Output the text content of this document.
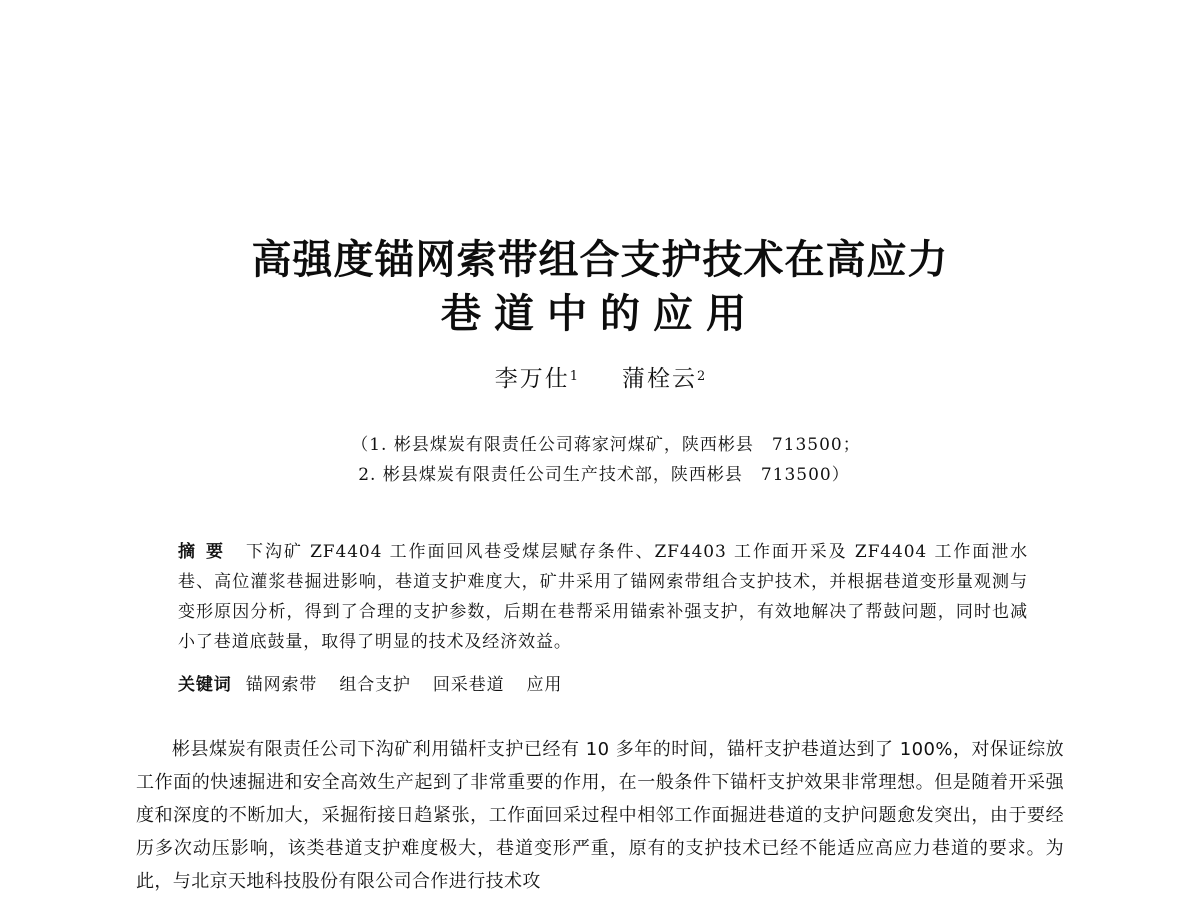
高强度锚网索带组合支护技术在高应力
巷道中的应用
李万仕$^1$ 蒲栓云$^2$
（1. 彬县煤炭有限责任公司蒋家河煤矿，陕西彬县　713500；
2. 彬县煤炭有限责任公司生产技术部，陕西彬县　713500）
摘要 下沟矿 ZF4404 工作面回风巷受煤层赋存条件、ZF4403 工作面开采及 ZF4404 工作面泄水巷、高位灌浆巷掘进影响，巷道支护难度大，矿井采用了锚网索带组合支护技术，并根据巷道变形量观测与变形原因分析，得到了合理的支护参数，后期在巷帮采用锚索补强支护，有效地解决了帮鼓问题，同时也减小了巷道底鼓量，取得了明显的技术及经济效益。
关键词 锚网索带 组合支护 回采巷道 应用
彬县煤炭有限责任公司下沟矿利用锚杆支护已经有 10 多年的时间，锚杆支护巷道达到了 100%，对保证综放工作面的快速掘进和安全高效生产起到了非常重要的作用，在一般条件下锚杆支护效果非常理想。但是随着开采强度和深度的不断加大，采掘衔接日趋紧张，工作面回采过程中相邻工作面掘进巷道的支护问题愈发突出，由于要经历多次动压影响，该类巷道支护难度极大，巷道变形严重，原有的支护技术已经不能适应高应力巷道的要求。为此，与北京天地科技股份有限公司合作进行技术攻
